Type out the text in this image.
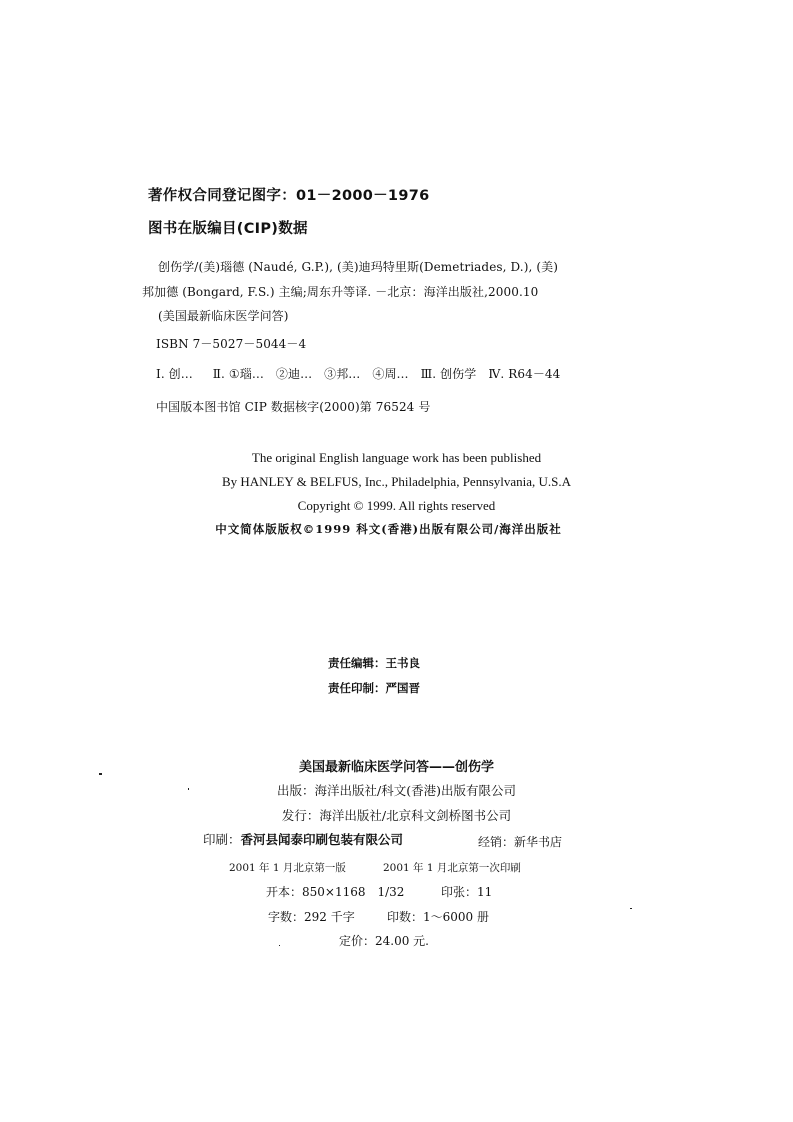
著作权合同登记图字：01－2000－1976
图书在版编目(CIP)数据
创伤学/(美)瑙德 (Naudé, G.P.), (美)迪玛特里斯(Demetriades, D.), (美)
邦加德 (Bongard, F.S.) 主编;周东升等译. －北京：海洋出版社,2000.10
(美国最新临床医学问答)
ISBN 7－5027－5044－4
Ⅰ. 创… Ⅱ. ①瑙… ②迪… ③邦… ④周… Ⅲ. 创伤学 Ⅳ. R64－44
中国版本图书馆 CIP 数据核字(2000)第 76524 号
The original English language work has been published
By HANLEY & BELFUS, Inc., Philadelphia, Pennsylvania, U.S.A
Copyright © 1999. All rights reserved
中文简体版版权©1999 科文(香港)出版有限公司/海洋出版社
责任编辑：王书良
责任印制：严国晋
美国最新临床医学问答——创伤学
出版：海洋出版社/科文(香港)出版有限公司
发行：海洋出版社/北京科文剑桥图书公司
印刷：香河县闻泰印刷包装有限公司	经销：新华书店
2001 年 1 月北京第一版	2001 年 1 月北京第一次印刷
开本：850×1168　1/32	印张：11
字数：292 千字	印数：1～6000 册
定价：24.00 元.
